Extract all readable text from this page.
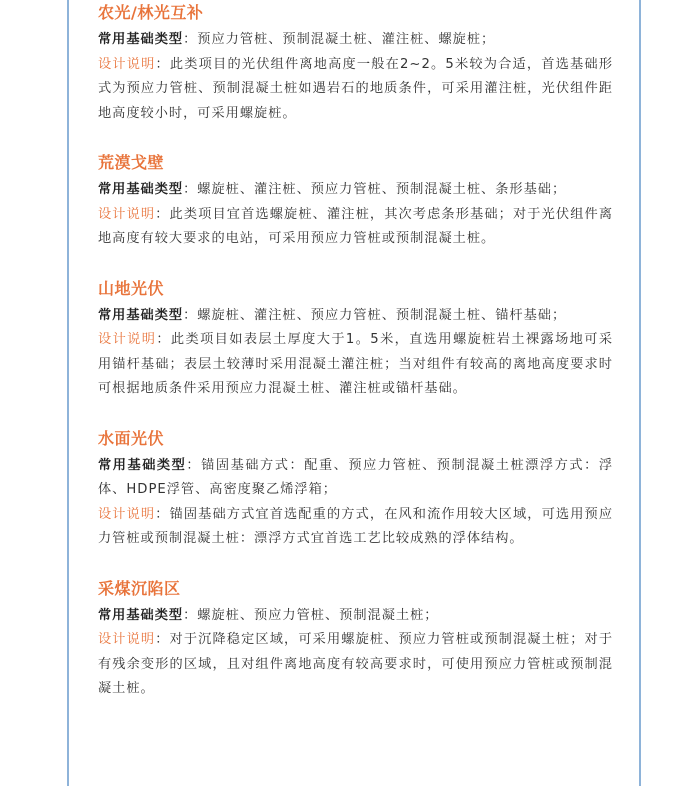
农光/林光互补

常用基础类型：预应力管桩、预制混凝土桩、灌注桩、螺旋桩；

设计说明：此类项目的光伏组件离地高度一般在2~2。5米较为合适，首选基础形式为预应力管桩、预制混凝土桩如遇岩石的地质条件，可采用灌注桩，光伏组件距地高度较小时，可采用螺旋桩。

荒漠戈壁

常用基础类型：螺旋桩、灌注桩、预应力管桩、预制混凝土桩、条形基础；

设计说明：此类项目宜首选螺旋桩、灌注桩，其次考虑条形基础；对于光伏组件离地高度有较大要求的电站，可采用预应力管桩或预制混凝土桩。

山地光伏

常用基础类型：螺旋桩、灌注桩、预应力管桩、预制混凝土桩、锚杆基础；

设计说明：此类项目如表层土厚度大于1。5米，直选用螺旋桩岩土裸露场地可采用锚杆基础；表层土较薄时采用混凝土灌注桩；当对组件有较高的离地高度要求时可根据地质条件采用预应力混凝土桩、灌注桩或锚杆基础。

水面光伏

常用基础类型：锚固基础方式：配重、预应力管桩、预制混凝土桩漂浮方式：浮体、HDPE浮管、高密度聚乙烯浮箱；

设计说明：锚固基础方式宜首选配重的方式，在风和流作用较大区域，可选用预应力管桩或预制混凝土桩：漂浮方式宜首选工艺比较成熟的浮体结构。

采煤沉陷区

常用基础类型：螺旋桩、预应力管桩、预制混凝土桩；

设计说明：对于沉降稳定区域，可采用螺旋桩、预应力管桩或预制混凝土桩；对于有残余变形的区域，且对组件离地高度有较高要求时，可使用预应力管桩或预制混凝土桩。
